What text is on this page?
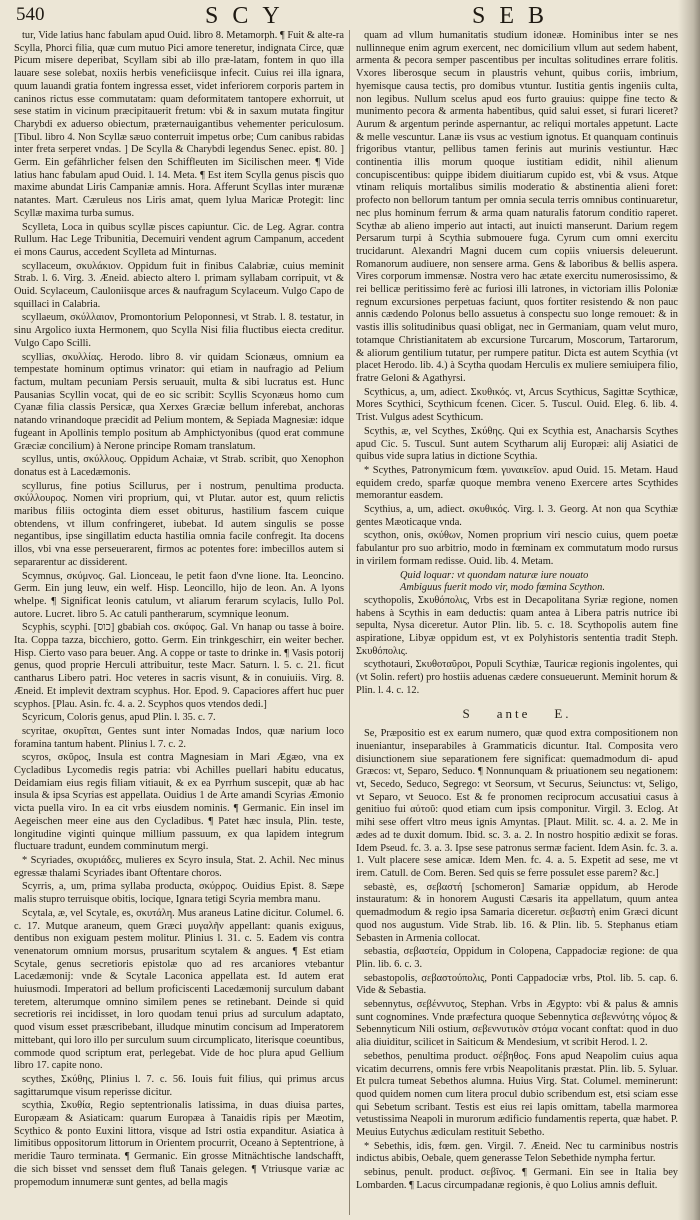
540	SCY	SEB

tur, Vide latius hanc fabulam apud Ouid. libro 8. Metamorph. ¶ Fuit & alte-ra Scylla, Phorci filia, quæ cum mutuo Pici amore teneretur, indignata Circe, quæ Picum misere deperibat, Scyllam sibi ab illo præ-latam, fontem in quo illa lauare sese solebat, noxiis herbis veneficiisque infecit. Cuius rei illa ignara, quum lauandi gratia fontem ingressa esset, videt inferiorem corporis partem in caninos rictus esse commutatam: quam deformitatem tantopere exhorruit, ut sese statim in vicinum præcipitauerit fretum: vbi & in saxum mutata fingitur Charybdi ex aduerso obiectum, præternauigantibus vehementer periculosum. [Tibul. libro 4. Non Scyllæ sæuo conterruit impetus orbe; Cum canibus rabidas inter freta serperet vndas. ] De Scylla & Charybdi legendus Senec. epist. 80. ] Germ. Ein gefährlicher felsen den Schiffleuten im Sicilischen meer. ¶ Vide latius hanc fabulam apud Ouid. l. 14. Meta. ¶ Est item Scylla genus piscis quo maxime abundat Liris Campaniæ amnis. Hora. Afferunt Scyllas inter murænæ natantes. Mart. Cæruleus nos Liris amat, quem lylua Maricæ Protegit: linc Scyllæ maxima turba sumus.

Scylleta, Loca in quibus scyllæ pisces capiuntur. Cic. de Leg. Agrar. contra Rullum. Hac Lege Tribunitia, Decemuiri vendent agrum Campanum, accedent ei mons Caurus, accedent Scylleta ad Minturnas.

scyllaceum, σκυλάκιον. Oppidum fuit in finibus Calabriæ, cuius meminit Strab. l. 6. Virg. 3. Æneid. abiecto altero l. primam syllabam corripuit, vt & Ouid. Scylaceum, Cauloniisque arces & naufragum Scylaceum. Vulgo Capo de squillaci in Calabria.

scyllaeum, σκύλλαιον, Promontorium Peloponnesi, vt Strab. l. 8. testatur, in sinu Argolico iuxta Hermonem, quo Scylla Nisi filia fluctibus eiecta creditur. Vulgo Capo Scilli.

scyllias, σκυλλίας. Herodo. libro 8. vir quidam Scionæus, omnium ea tempestate hominum optimus vrinator: qui etiam in naufragio ad Pelium factum, multam pecuniam Persis seruauit, multa & sibi lucratus est. Hunc Pausanias Scyllin vocat, qui de eo sic scribit: Scyllis Scyonæus homo cum Cyanæ filia classis Persicæ, qua Xerxes Græciæ bellum inferebat, anchoras natando vrinandoque præcidit ad Pelium montem, & Sepiada Magnesiæ: idque fugeant in Apollinis templo positum ab Amphictyonibus (quod erat commune Græciæ concilium) à Nerone principe Romam translatum.

scyllus, untis, σκύλλους. Oppidum Achaiæ, vt Strab. scribit, quo Xenophon donatus est à Lacedæmonis.

scyllurus, fine potius Scillurus, per i nostrum, penultima producta. σκύλλουρος. Nomen viri proprium, qui, vt Plutar. autor est, quum relictis maribus filiis octoginta diem esset obiturus, hastilium fascem cuique obtendens, vt illum confringeret, iubebat. Id autem singulis se posse negantibus, ipse singillatim educta hastilia omnia facile confregit. Ita docens illos, vbi vna esse perseuerarent, firmos ac potentes fore: imbecillos autem si separarentur ac dissiderent.

Scymnus, σκύμνος. Gal. Lionceau, le petit faon d'vne lione. Ita. Leoncino. Germ. Ein jung leuw, ein welf. Hisp. Leoncillo, hijo de leon. An. A lyons whelpe. ¶ Significat leonis catulum, vt aliarum ferarum scylacis, Iullo Pol. autore. Lucret. libro 5. Ac catuli pantherarum, scymnique leonum.

Scyphis, scyphi. [כוס] gbabiah cos. σκύφος. Gal. Vn hanap ou tasse à boire. Ita. Coppa tazza, bicchiero, gotto. Germ. Ein trinkgeschirr, ein weiter becher. Hisp. Cierto vaso para beuer. Ang. A coppe or taste to drinke in. ¶ Vasis potorij genus, quod proprie Herculi attribuitur, teste Macr. Saturn. l. 5. c. 21. ficut cantharus Libero patri. Hoc veteres in sacris visunt, & in conuiuiis. Virg. 8. Æneid. Et implevit dextram scyphus. Hor. Epod. 9. Capaciores affert huc puer scyphos. [Plau. Asin. fc. 4. a. 2. Scyphos quos vtendos dedi.]

Scyricum, Coloris genus, apud Plin. l. 35. c. 7.

scyritae, σκυρῖται, Gentes sunt inter Nomadas Indos, quæ narium loco foramina tantum habent. Plinius l. 7. c. 2.

scyros, σκῦρος, Insula est contra Magnesiam in Mari Ægæo, vna ex Cycladibus Lycomedis regis patria: vbi Achilles puellari habitu educatus, Deidamiam eius regis filiam vitiauit, & ex ea Pyrrhum suscepit, quæ ab hac insula & ipsa Scyrias est appellata. Ouidius 1 de Arte amandi Scyrias Æmonio victa puella viro. In ea cit vrbs eiusdem nominis. ¶ Germanic. Ein insel im Aegeischen meer eine aus den Cycladibus. ¶ Patet hæc insula, Plin. teste, longitudine viginti quinque millium passuum, ex qua lapidem integrum fluctuare tradunt, eundem comminutum mergi.

* Scyriades, σκυριάδες, mulieres ex Scyro insula, Stat. 2. Achil. Nec minus egressæ thalami Scyriades ibant Oftentare choros.

Scyrris, a, um, prima syllaba producta, σκύρρος. Ouidius Epist. 8. Sæpe malis stupro terruisque obitis, locique, Ignara tetigi Scyria membra manu.

Scytala, æ, vel Scytale, es, σκυτάλη. Mus araneus Latine dicitur. Columel. 6. c. 17. Mutque araneum, quem Græci μυγαλῆν appellant: quanis exiguus, dentibus non exiguam pestem molitur. Plinius l. 31. c. 5. Eadem vis contra venenatorum omnium morsus, prusaritum scytalem & angues. ¶ Est etiam Scytale, genus secretioris epistolæ quo ad res arcaniores vtebantur Lacedæmonij: vnde & Scytale Laconica appellata est. Id autem erat huiusmodi. Imperatori ad bellum proficiscenti Lacedæmonij surculum dabant teretem, alterumque omnino similem penes se retinebant. Deinde si quid secretioris rei incidisset, in loro quodam tenui prius ad surculum adaptato, quod visum esset præscribebant, illudque minutim concisum ad Imperatorem mittebant, qui loro illo per surculum suum circumplicato, literisque coeuntibus, commode quod scriptum erat, perlegebat. Vide de hoc plura apud Gellium libro 17. capite nono.

scythes, Σκύθης, Plinius l. 7. c. 56. Iouis fuit filius, qui primus arcus sagittarumque visum reperisse dicitur.

scythia, Σκυθία, Regio septentrionalis latissima, in duas diuisa partes, Europæam & Asiaticam: quarum Europæa à Tanaidis ripis per Mæotim, Scythico & ponto Euxini littora, visque ad Istri ostia expanditur. Asiatica à limitibus oppositorum littorum in Orientem procurrit, Oceano à Septentrione, à meridie Tauro terminata. ¶ Germanic. Ein grosse Mitnächtische landschafft, die sich bisset vnd sensset dem fluß Tanais gelegen. ¶ Vtriusque variæ ac propemodum innumeræ sunt gentes, ad bella magis

quam ad vllum humanitatis studium idoneæ. Hominibus inter se nes nullinneque enim agrum exercent, nec domicilium vllum aut sedem habent, armenta & pecora semper pascentibus per incultas solitudines errare folitis. Vxores liberosque secum in plaustris vehunt, quibus coriis, imbrium, hyemisque causa tectis, pro domibus vtuntur. Iustitia gentis ingeniis culta, non legibus. Nullum scelus apud eos furto grauius: quippe fine tecto & munimento pecora & armenta habentibus, quid salui esset, si furari liceret? Aurum & argentum perinde aspernantur, ac reliqui mortales appetunt. Lacte & melle vescuntur. Lanæ iis vsus ac vestium ignotus. Et quanquam continuis frigoribus vtantur, pellibus tamen ferinis aut murinis vestiuntur. Hæc continentia illis morum quoque iustitiam edidit, nihil alienum concupiscentibus: quippe ibidem diuitiarum cupido est, vbi & vsus. Atque vtinam reliquis mortalibus similis moderatio & abstinentia alieni foret: profecto non bellorum tantum per omnia secula terris omnibus continuaretur, nec plus hominum ferrum & arma quam naturalis fatorum conditio raperet. Scythæ ab alieno imperio aut intacti, aut inuicti manserunt. Darium regem Persarum turpi à Scythia submouere fuga. Cyrum cum omni exercitu trucidarunt. Alexandri Magni ducem cum copiis vniuersis deleuerunt. Romanorum audiuere, non sensere arma. Gens & laboribus & bellis aspera. Vires corporum immensæ. Nostra vero hac ætate exercitu numerosissimo, & rei bellicæ peritissimo ferè ac furiosi illi latrones, in victoriam illis Poloniæ regnum excursiones perpetuas faciunt, quos fortiter resistendo & non pauc annis cædendo Polonus bello assuetus à conspectu suo longe remouet: & in vastis illis solitudinibus quasi obligat, nec in Germaniam, quam velut muro, totamque Christianitatem ab excursione Turcarum, Moscorum, Tartarorum, & aliorum gentilium tutatur, per rumpere patitur. Dicta est autem Scythia (vt placet Herodo. lib. 4.) à Scytha quodam Herculis ex muliere semiuipera filio, fratre Geloni & Agathyrsi.

Scythicus, a, um, adiect. Σκυθικός. vt, Arcus Scythicus, Sagittæ Scythicæ, Mores Scythici, Scythicum fcenen. Cicer. 5. Tuscul. Ouid. Eleg. 6. lib. 4. Trist. Vulgus adest Scythicum.

Scythis, æ, vel Scythes, Σκύθης. Qui ex Scythia est, Anacharsis Scythes apud Cic. 5. Tuscul. Sunt autem Scytharum alij Europæi: alij Asiatici de quibus vide supra latius in dictione Scythia.

* Scythes, Patronymicum fœm. γυναικεῖον. apud Ouid. 15. Metam. Haud equidem credo, sparfæ quoque membra veneno Exercere artes Scythides memorantur easdem.

Scythius, a, um, adiect. σκυθικός. Virg. l. 3. Georg. At non qua Scythiæ gentes Mæoticaque vnda.

scython, onis, σκύθων, Nomen proprium viri nescio cuius, quem poetæ fabulantur pro suo arbitrio, modo in fœminam ex commutatum modo rursus in virilem formam redisse. Ouid. lib. 4. Metam.

Quid loquar: vt quondam naturæ iure nouato

Ambiguus fuerit modo vir, modo fœmina Scython.

scythopolis, Σκυθόπολις, Vrbs est in Decapolitana Syriæ regione, nomen habens à Scythis in eam deductis: quam antea à Libera patris nutrice ibi sepulta, Nysa diceretur. Autor Plin. lib. 5. c. 18. Scythopolis autem fine aspiratione, Libyæ oppidum est, vt ex Polyhistoris sententia tradit Steph. Σκυθόπολις.

scythotauri, Σκυθοταῦροι, Populi Scythiæ, Tauricæ regionis ingolentes, qui (vt Solin. refert) pro hostiis aduenas cædere consueuerunt. Meminit horum & Plin. l. 4. c. 12.

S ante E.

Se, Præpositio est ex earum numero, quæ quod extra compositionem non inueniantur, inseparabiles à Grammaticis dicuntur. Ital. Composita vero disiunctionem siue separationem fere significat: quemadmodum di- apud Græcos: vt, Separo, Seduco. ¶ Nonnunquam & priuationem seu negationem: vt, Secedo, Seduco, Segrego: vt Seorsum, vt Securus, Seiunctus: vt, Seligo, vt Separo, vt Seuoco. Est & fe pronomen reciprocum accusatiui casus à genitiuo fui αὑτοῦ: quod etiam cum ipsis componitur. Virgil. 3. Eclog. At mihi sese offert vltro meus ignis Amyntas. [Plaut. Milit. sc. 4. a. 2. Me in ædes ad te duxit domum. Ibid. sc. 3. a. 2. In nostro hospitio ædixit se foras. Idem Pseud. fc. 3. a. 3. Ipse sese patronus sermæ facient. Idem Asin. fc. 3. a. 1. Vult placere sese amicæ. Idem Men. fc. 4. a. 5. Expetit ad sese, me vt irem. Catull. de Com. Beren. Sed quis se ferre possulet esse parem? &c.]

sebastè, es, σεβαστή [schomeron] Samariæ oppidum, ab Herode instauratum: & in honorem Augusti Cæsaris ita appellatum, quum antea quemadmodum & regio ipsa Samaria diceretur. σεβαστὴ enim Græci dicunt quod nos augustum. Vide Strab. lib. 16. & Plin. lib. 5. Stephanus etiam Sebasten in Armenia collocat.

sebastia, σεβαστεία, Oppidum in Colopena, Cappadociæ regione: de qua Plin. lib. 6. c. 3.

sebastopolis, σεβαστούπολις, Ponti Cappadociæ vrbs, Ptol. lib. 5. cap. 6. Vide & Sebastia.

sebennytus, σεβέννυτος, Stephan. Vrbs in Ægypto: vbi & palus & amnis sunt cognomines. Vnde præfectura quoque Sebennytica σεβεννύτης νόμος & Sebennyticum Nili ostium, σεβεννυτικὸν στόμα vocant conftat: quod in duo alia diuiditur, scilicet in Saiticum & Mendesium, vt scribit Herod. l. 2.

sebethos, penultima product. σέβηθος. Fons apud Neapolim cuius aqua vicatim decurrens, omnis fere vrbis Neapolitanis præstat. Plin. lib. 5. Syluar. Et pulcra tumeat Sebethos alumna. Huius Virg. Stat. Columel. meminerunt: quod quidem nomen cum litera procul dubio scribendum est, etsi sciam esse qui Sebetum scribant. Testis est eius rei lapis omittam, tabella marmorea vetustissima Neapoli in murorum ædificio fundamentis reperta, quæ habet. P. Meuius Eutychus ædiculam restituit Sebetho.

* Sebethis, idis, fœm. gen. Virgil. 7. Æneid. Nec tu carminibus nostris indictus abibis, Oebale, quem generasse Telon Sebethide nympha fertur.

sebinus, penult. product. σεβῖνος. ¶ Germani. Ein see in Italia bey Lombarden. ¶ Lacus circumpadanæ regionis, è quo Lolius amnis defluit.
